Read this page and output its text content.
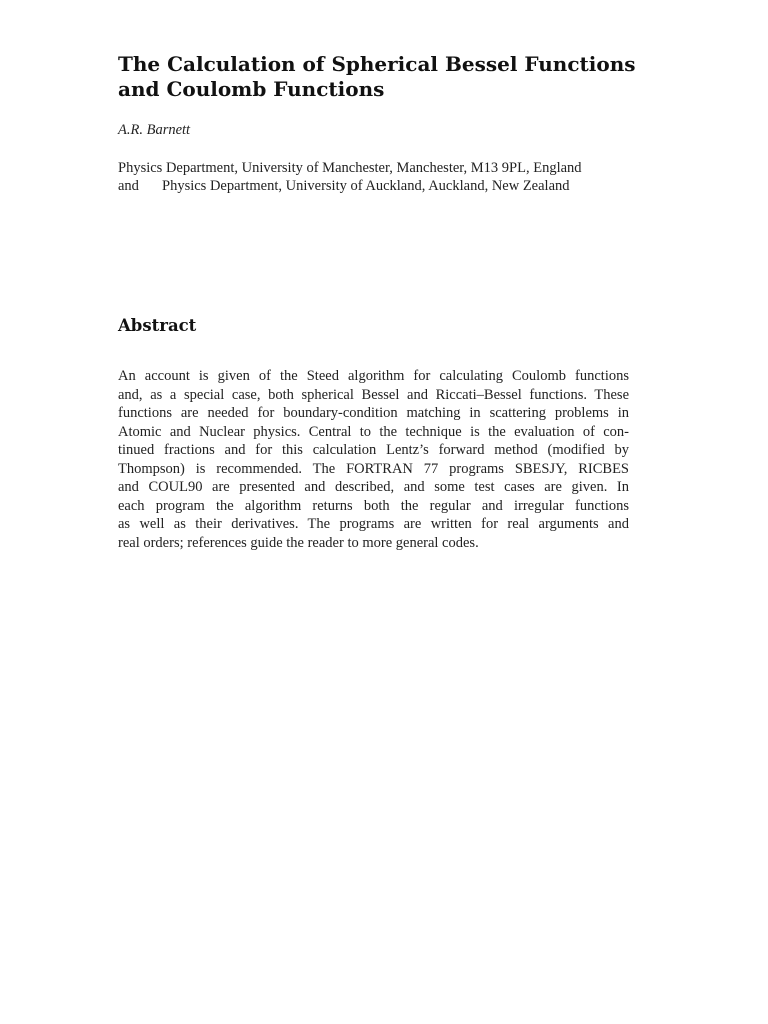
The Calculation of Spherical Bessel Functions
and Coulomb Functions

A.R. Barnett

Physics Department, University of Manchester, Manchester, M13 9PL, England

and Physics Department, University of Auckland, Auckland, New Zealand

Abstract
An account is given of the Steed algorithm for calculating Coulomb functions
and, as a special case, both spherical Bessel and Riccati–Bessel functions. These
functions are needed for boundary-condition matching in scattering problems in
Atomic and Nuclear physics. Central to the technique is the evaluation of con-
tinued fractions and for this calculation Lentz’s forward method (modified by
Thompson) is recommended. The FORTRAN 77 programs SBESJY, RICBES
and COUL90 are presented and described, and some test cases are given. In
each program the algorithm returns both the regular and irregular functions
as well as their derivatives. The programs are written for real arguments and
real orders; references guide the reader to more general codes.
